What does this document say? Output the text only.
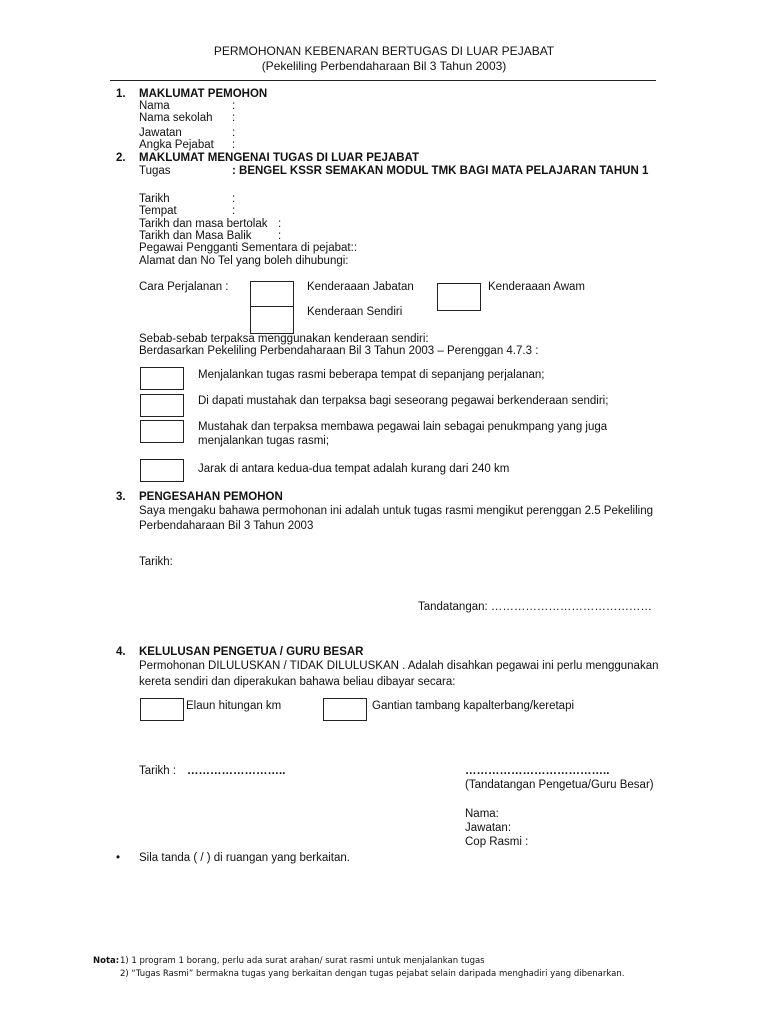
PERMOHONAN KEBENARAN BERTUGAS DI LUAR PEJABAT
(Pekeliling Perbendaharaan Bil 3 Tahun 2003)
1. MAKLUMAT PEMOHON
Nama	:
Nama sekolah :
Jawatan	:
Angka Pejabat :
2. MAKLUMAT MENGENAI TUGAS DI LUAR PEJABAT
Tugas	: BENGEL KSSR SEMAKAN MODUL TMK BAGI MATA PELAJARAN TAHUN 1
Tarikh	:
Tempat	:
Tarikh dan masa bertolak :
Tarikh dan Masa Balik :
Pegawai Pengganti Sementara di pejabat::
Alamat dan No Tel yang boleh dihubungi:
Cara Perjalanan :	Kenderaaan Jabatan
Kenderaan Sendiri
Kenderaaan Awam
Sebab-sebab terpaksa menggunakan kenderaan sendiri:
Berdasarkan Pekeliling Perbendaharaan Bil 3 Tahun 2003 – Perenggan 4.7.3 :
Menjalankan tugas rasmi beberapa tempat di sepanjang perjalanan;
Di dapati mustahak dan terpaksa bagi seseorang pegawai berkenderaan sendiri;
Mustahak dan terpaksa membawa pegawai lain sebagai penukmpang yang juga
menjalankan tugas rasmi;
Jarak di antara kedua-dua tempat adalah kurang dari 240 km
3. PENGESAHAN PEMOHON
Saya mengaku bahawa permohonan ini adalah untuk tugas rasmi mengikut perenggan 2.5 Pekeliling
Perbendaharaan Bil 3 Tahun 2003
Tarikh:
Tandatangan: ……………………………………
4. KELULUSAN PENGETUA / GURU BESAR
Permohonan DILULUSKAN / TIDAK DILULUSKAN . Adalah disahkan pegawai ini perlu menggunakan
kereta sendiri dan diperakukan bahawa beliau dibayar secara:
Elaun hitungan km	Gantian tambang kapalterbang/keretapi
Tarikh : ……………………..	………………………………..
(Tandatangan Pengetua/Guru Besar)
Nama:
Jawatan:
Cop Rasmi :
• Sila tanda ( / ) di ruangan yang berkaitan.
Nota: 1) 1 program 1 borang, perlu ada surat arahan/ surat rasmi untuk menjalankan tugas
2) “Tugas Rasmi” bermakna tugas yang berkaitan dengan tugas pejabat selain daripada menghadiri yang dibenarkan.
